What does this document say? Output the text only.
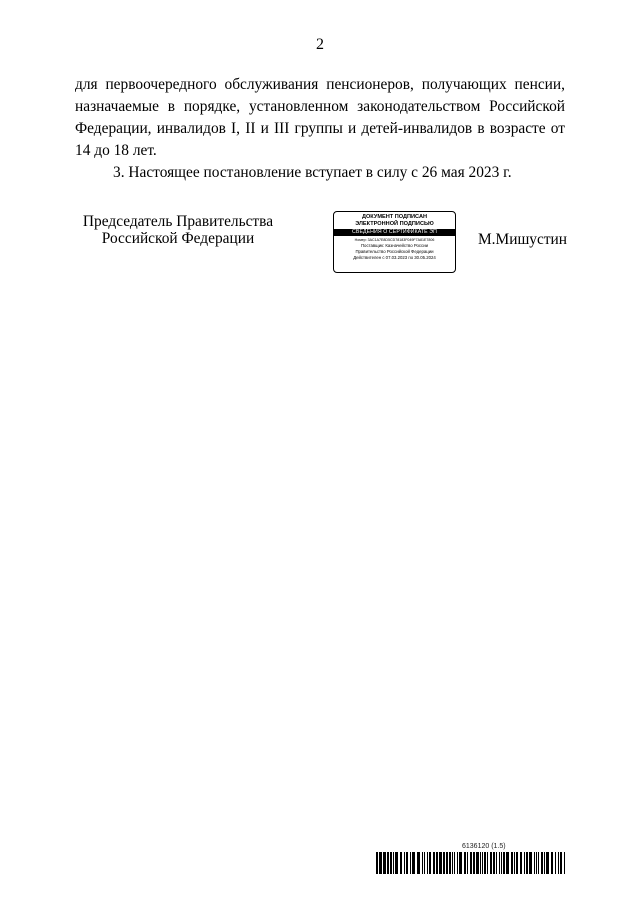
2

для первоочередного обслуживания пенсионеров, получающих пенсии, назначаемые в порядке, установленном законодательством Российской Федерации, инвалидов I, II и III группы и детей-инвалидов в возрасте от 14 до 18 лет.

3. Настоящее постановление вступает в силу с 26 мая 2023 г.

Председатель Правительства
Российской Федерации
ДОКУМЕНТ ПОДПИСАН
ЭЛЕКТРОННОЙ ПОДПИСЬЮ
СВЕДЕНИЯ О СЕРТИФИКАТЕ ЭП
Номер: 3AC1A7E8D5CD78183F049F7A81E7806
Поставщик: Казначейство России
Правительство Российской Федерации
Действителен с 07.03.2023 по 30.05.2024
М.Мишустин
6136120 (1.5)
